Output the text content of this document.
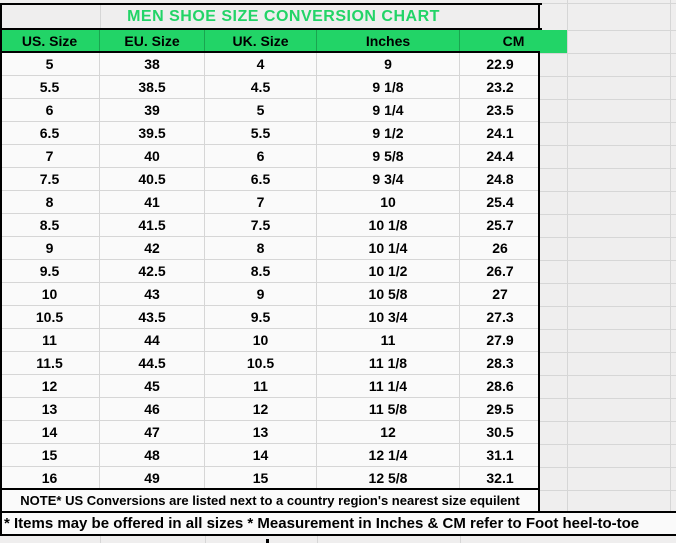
MEN SHOE SIZE CONVERSION CHART
US. Size	EU. Size	UK. Size	Inches	CM
5	38	4	9	22.9
5.5	38.5	4.5	9 1/8	23.2
6	39	5	9 1/4	23.5
6.5	39.5	5.5	9 1/2	24.1
7	40	6	9 5/8	24.4
7.5	40.5	6.5	9 3/4	24.8
8	41	7	10	25.4
8.5	41.5	7.5	10 1/8	25.7
9	42	8	10 1/4	26
9.5	42.5	8.5	10 1/2	26.7
10	43	9	10 5/8	27
10.5	43.5	9.5	10 3/4	27.3
11	44	10	11	27.9
11.5	44.5	10.5	11 1/8	28.3
12	45	11	11 1/4	28.6
13	46	12	11 5/8	29.5
14	47	13	12	30.5
15	48	14	12 1/4	31.1
16	49	15	12 5/8	32.1
NOTE* US Conversions are listed next to a country region's nearest size equilent
* Items may be offered in all sizes * Measurement in Inches & CM refer to Foot heel-to-toe
